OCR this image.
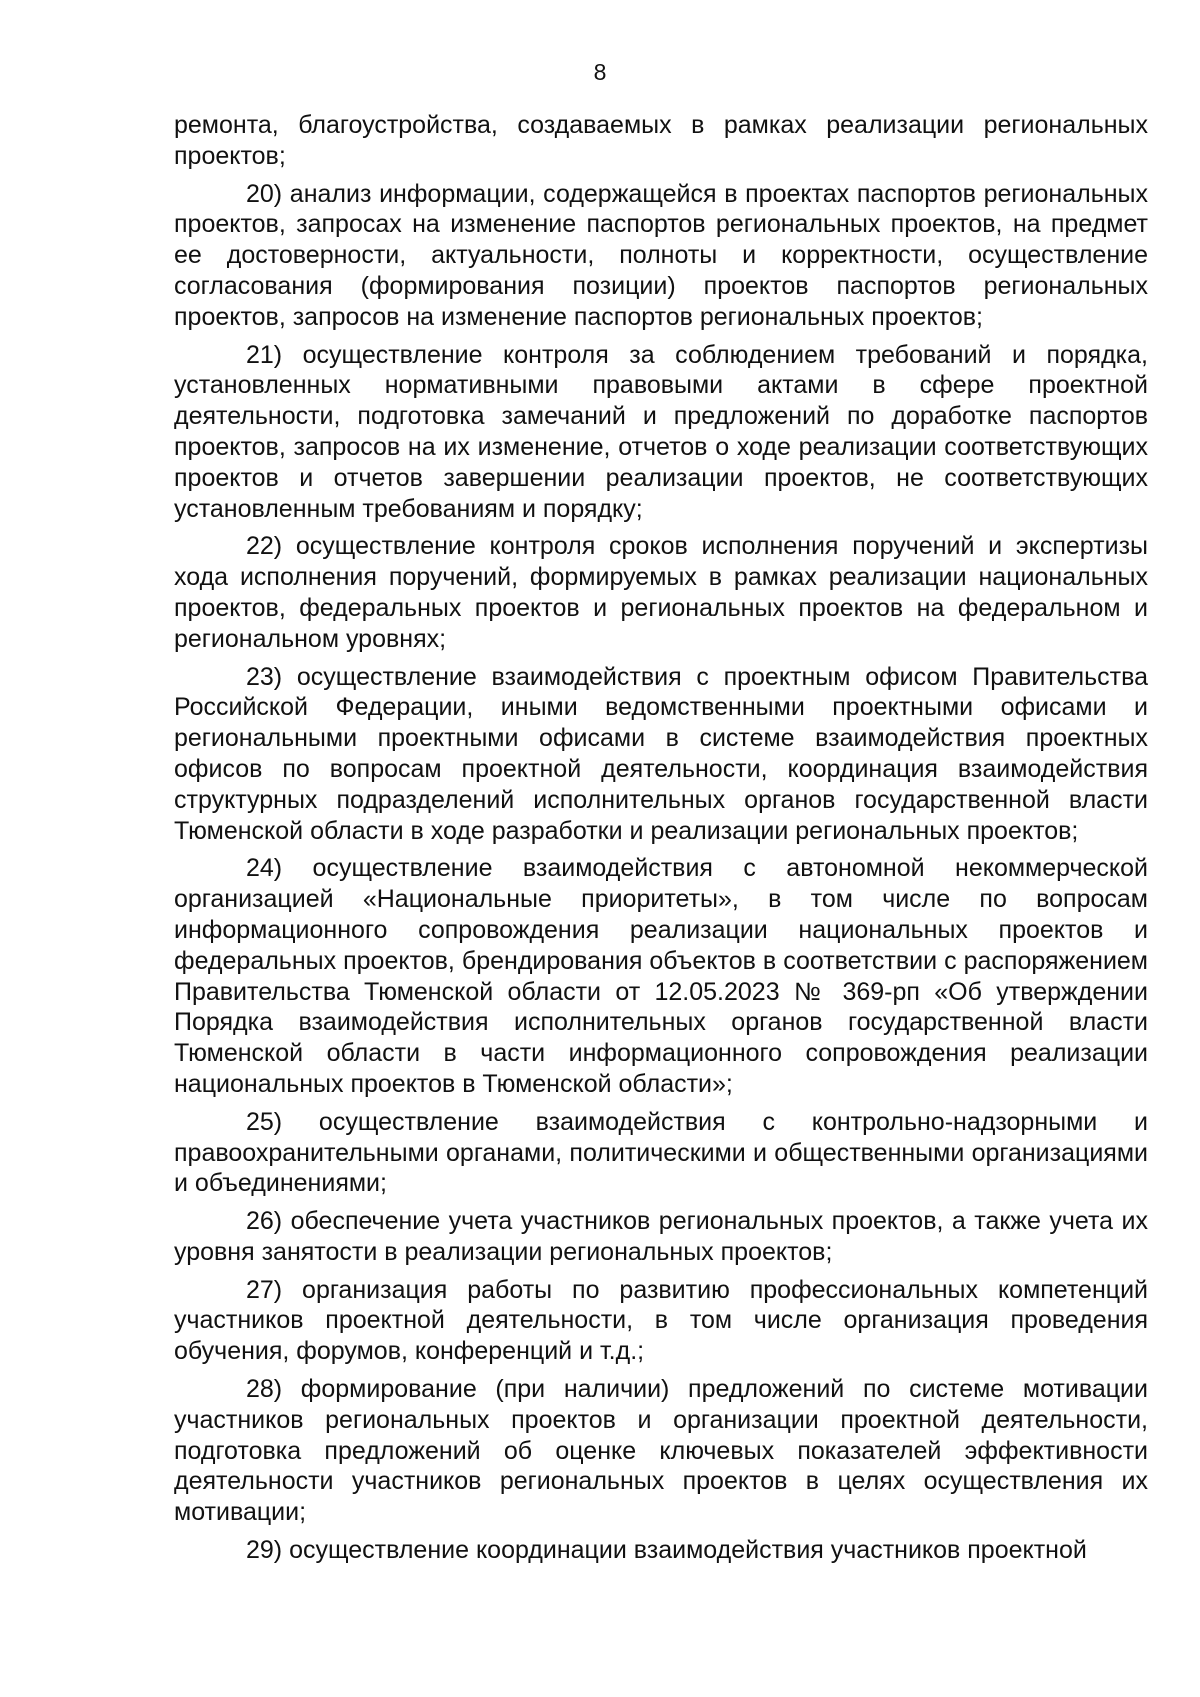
8

ремонта, благоустройства, создаваемых в рамках реализации региональных проектов;

20) анализ информации, содержащейся в проектах паспортов региональных проектов, запросах на изменение паспортов региональных проектов, на предмет ее достоверности, актуальности, полноты и корректности, осуществление согласования (формирования позиции) проектов паспортов региональных проектов, запросов на изменение паспортов региональных проектов;

21) осуществление контроля за соблюдением требований и порядка, установленных нормативными правовыми актами в сфере проектной деятельности, подготовка замечаний и предложений по доработке паспортов проектов, запросов на их изменение, отчетов о ходе реализации соответствующих проектов и отчетов завершении реализации проектов, не соответствующих установленным требованиям и порядку;

22) осуществление контроля сроков исполнения поручений и экспертизы хода исполнения поручений, формируемых в рамках реализации национальных проектов, федеральных проектов и региональных проектов на федеральном и региональном уровнях;

23) осуществление взаимодействия с проектным офисом Правительства Российской Федерации, иными ведомственными проектными офисами и региональными проектными офисами в системе взаимодействия проектных офисов по вопросам проектной деятельности, координация взаимодействия структурных подразделений исполнительных органов государственной власти Тюменской области в ходе разработки и реализации региональных проектов;

24) осуществление взаимодействия с автономной некоммерческой организацией «Национальные приоритеты», в том числе по вопросам информационного сопровождения реализации национальных проектов и федеральных проектов, брендирования объектов в соответствии с распоряжением Правительства Тюменской области от 12.05.2023 № 369-рп «Об утверждении Порядка взаимодействия исполнительных органов государственной власти Тюменской области в части информационного сопровождения реализации национальных проектов в Тюменской области»;

25) осуществление взаимодействия с контрольно-надзорными и правоохранительными органами, политическими и общественными организациями и объединениями;

26) обеспечение учета участников региональных проектов, а также учета их уровня занятости в реализации региональных проектов;

27) организация работы по развитию профессиональных компетенций участников проектной деятельности, в том числе организация проведения обучения, форумов, конференций и т.д.;

28) формирование (при наличии) предложений по системе мотивации участников региональных проектов и организации проектной деятельности, подготовка предложений об оценке ключевых показателей эффективности деятельности участников региональных проектов в целях осуществления их мотивации;

29) осуществление координации взаимодействия участников проектной
